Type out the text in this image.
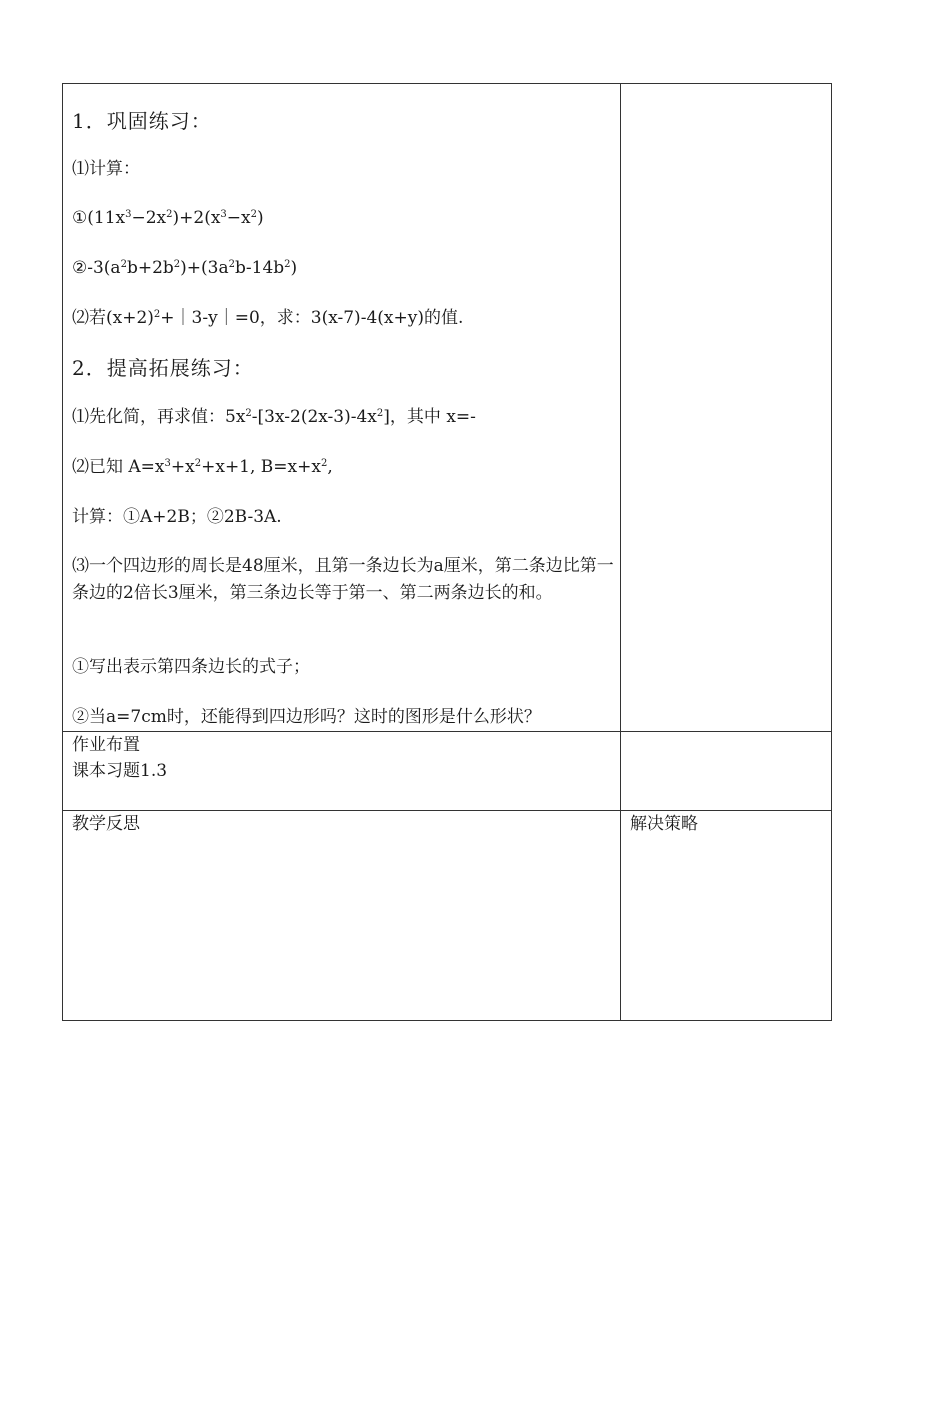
1．巩固练习：
⑴计算：
$①(11x^3-2x^2)+2(x^3-x^2)$
$②-3(a^2b+2b^2)+(3a^2b-14b^2)$
⑵若$(x+2)^2+|3-y|=0$，求：3(x-7)-4(x+y)的值.
2．提高拓展练习：
⑴先化简，再求值：$5x^2-[3x-2(2x-3)-4x^2]$，其中 x=-
⑵已知 $A=x^3+x^2+x+1$, $B=x+x^2$,
计算：①A+2B；②2B-3A.
⑶一个四边形的周长是48厘米，且第一条边长为a厘米，第二条边比第一条边的2倍长3厘米，第三条边长等于第一、第二两条边长的和。
①写出表示第四条边长的式子；
②当a=7cm时，还能得到四边形吗？这时的图形是什么形状？
作业布置
课本习题1.3
教学反思	解决策略
